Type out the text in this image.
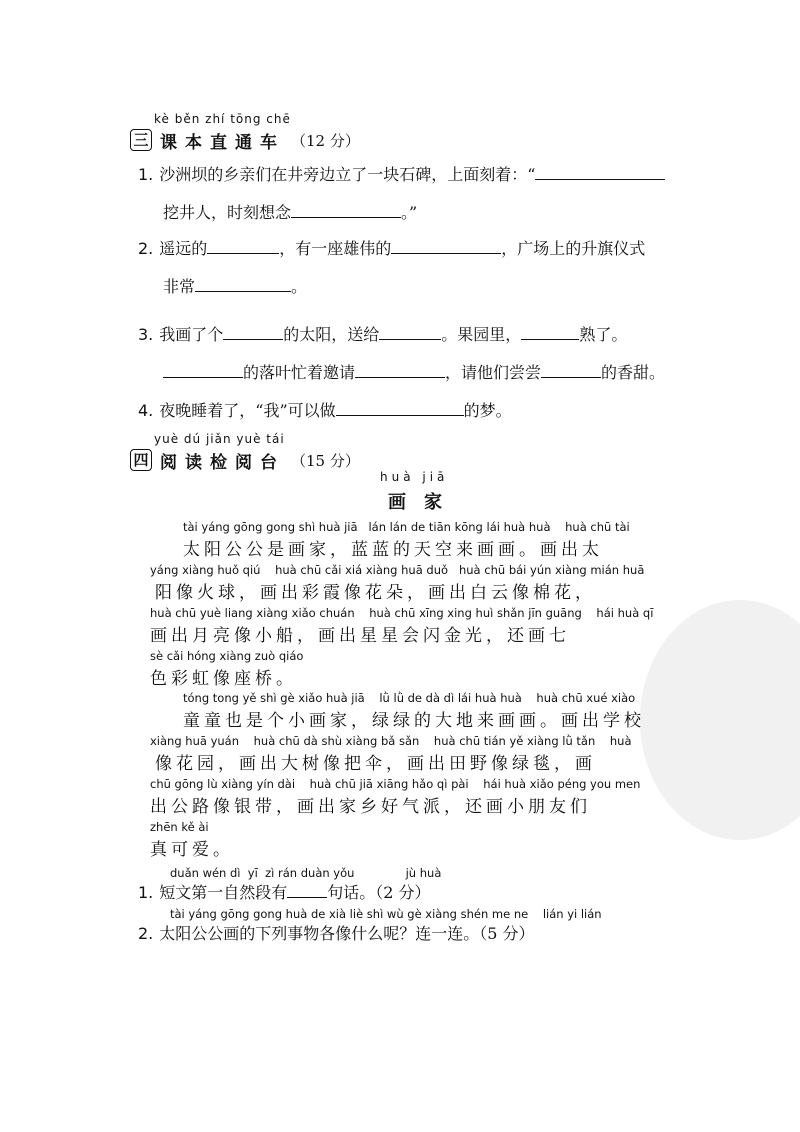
kè běn zhí tōng chē
三 课本直通车 （12 分）
1. 沙洲坝的乡亲们在井旁边立了一块石碑，上面刻着：“
挖井人，时刻想念	。”
2. 遥远的	，有一座雄伟的	，广场上的升旗仪式
非常	。
3. 我画了个	的太阳，送给	。果园里，	熟了。
的落叶忙着邀请	，请他们尝尝	的香甜。
4. 夜晚睡着了，“我”可以做	的梦。
yuè dú jiǎn yuè tái
四 阅读检阅台 （15 分）
huà jiā
画家
tài yáng gōng gong shì huà jiā   lán lán de tiān kōng lái huà huà    huà chū tài
太阳公公是画家，蓝蓝的天空来画画。画出太
yáng xiàng huǒ qiú    huà chū cǎi xiá xiàng huā duǒ   huà chū bái yún xiàng mián huā
阳像火球，画出彩霞像花朵，画出白云像棉花，
huà chū yuè liang xiàng xiǎo chuán    huà chū xīng xing huì shǎn jīn guāng    hái huà qī
画出月亮像小船，画出星星会闪金光，还画七
sè cǎi hóng xiàng zuò qiáo
色彩虹像座桥。
tóng tong yě shì gè xiǎo huà jiā    lǜ lǜ de dà dì lái huà huà    huà chū xué xiào
童童也是个小画家，绿绿的大地来画画。画出学校
xiàng huā yuán    huà chū dà shù xiàng bǎ sǎn    huà chū tián yě xiàng lǜ tǎn    huà
像花园，画出大树像把伞，画出田野像绿毯，画
chū gōng lù xiàng yín dài    huà chū jiā xiāng hǎo qì pài    hái huà xiǎo péng you men
出公路像银带，画出家乡好气派，还画小朋友们
zhēn kě ài
真可爱。
duǎn wén dì  yī  zì rán duàn yǒu              jù huà
1. 短文第一自然段有	句话。（2 分）
tài yáng gōng gong huà de xià liè shì wù gè xiàng shén me ne    lián yi lián
2. 太阳公公画的下列事物各像什么呢？连一连。（5 分）
